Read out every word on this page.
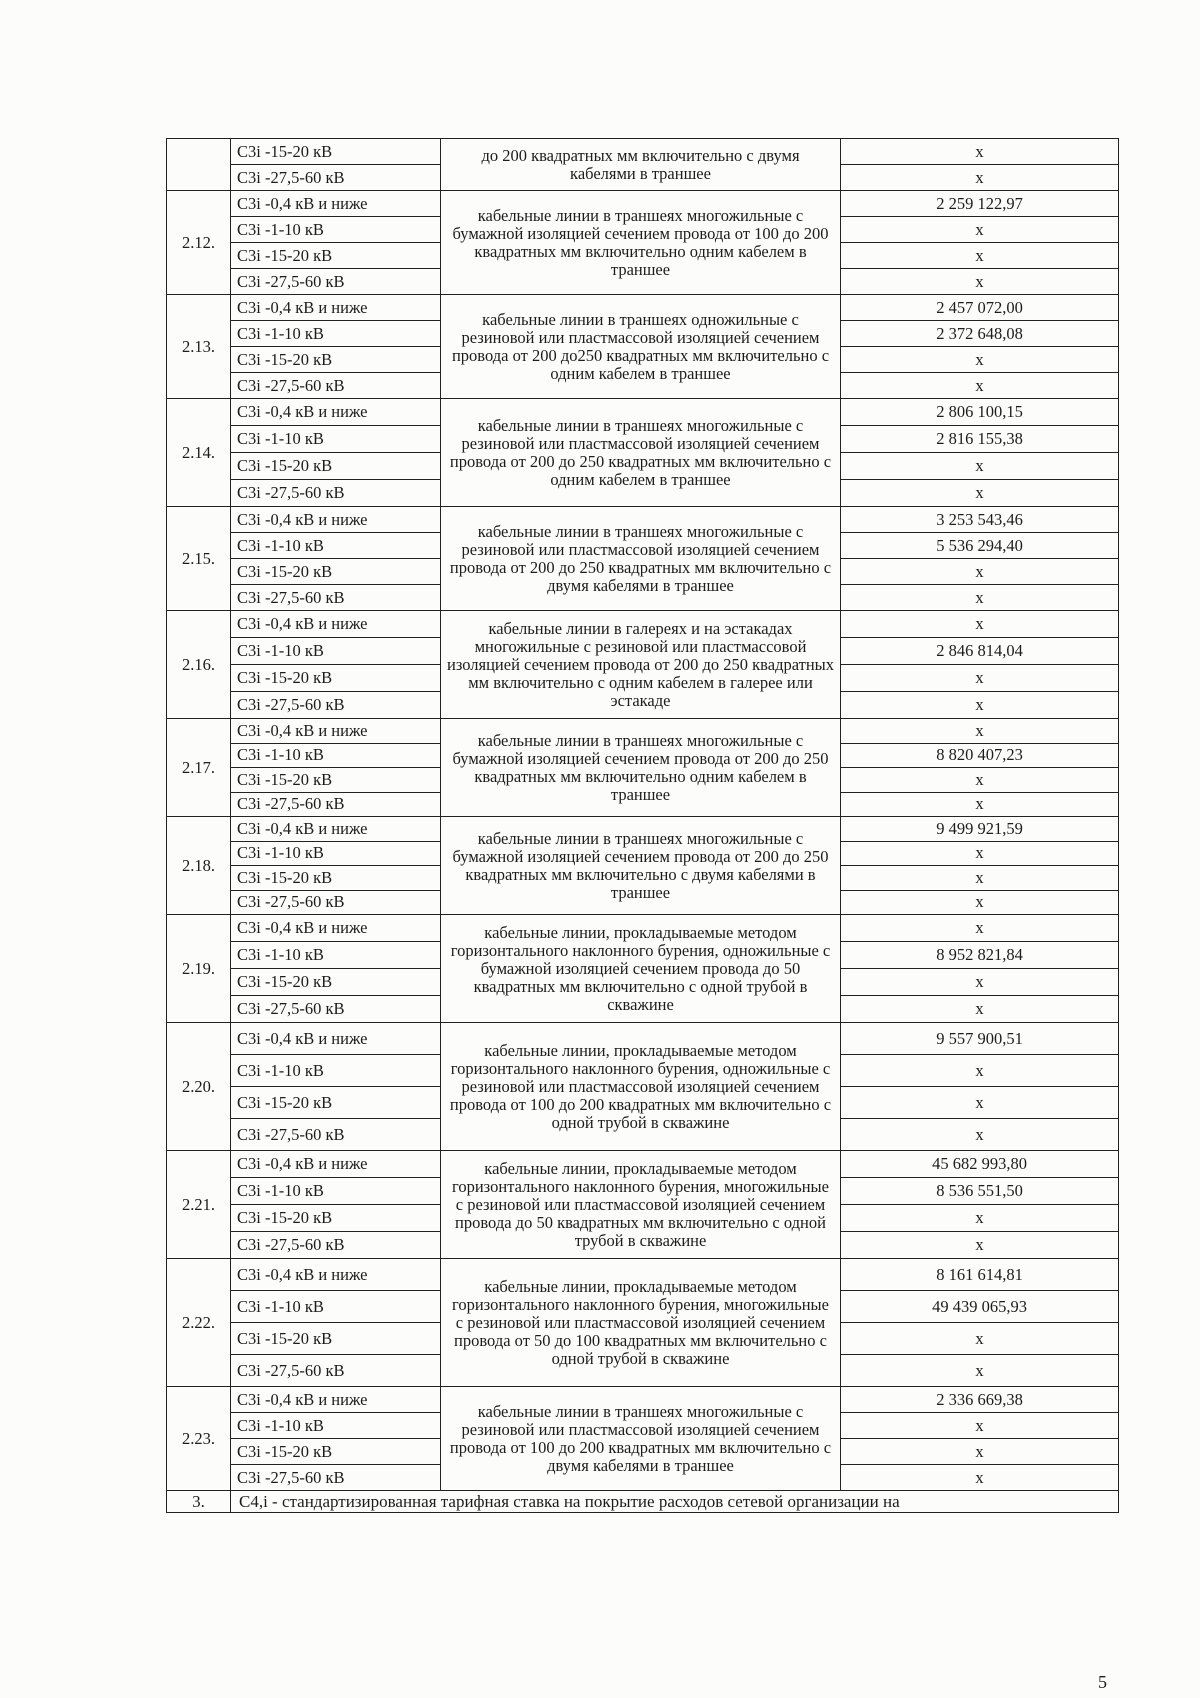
	С3i -15-20 кВ	до 200 квадратных мм включительно с двумя кабелями в траншее	х
	С3i -27,5-60 кВ		х
2.12.	С3i -0,4 кВ и ниже	кабельные линии в траншеях многожильные с бумажной изоляцией сечением провода от 100 до 200 квадратных мм включительно одним кабелем в траншее	2 259 122,97
	С3i -1-10 кВ		х
	С3i -15-20 кВ		х
	С3i -27,5-60 кВ		х
2.13.	С3i -0,4 кВ и ниже	кабельные линии в траншеях одножильные с резиновой или пластмассовой изоляцией сечением провода от 200 до250 квадратных мм включительно с одним кабелем в траншее	2 457 072,00
	С3i -1-10 кВ		2 372 648,08
	С3i -15-20 кВ		х
	С3i -27,5-60 кВ		х
2.14.	С3i -0,4 кВ и ниже	кабельные линии в траншеях многожильные с резиновой или пластмассовой изоляцией сечением провода от 200 до 250 квадратных мм включительно с одним кабелем в траншее	2 806 100,15
	С3i -1-10 кВ		2 816 155,38
	С3i -15-20 кВ		х
	С3i -27,5-60 кВ		х
2.15.	С3i -0,4 кВ и ниже	кабельные линии в траншеях многожильные с резиновой или пластмассовой изоляцией сечением провода от 200 до 250 квадратных мм включительно с двумя кабелями в траншее	3 253 543,46
	С3i -1-10 кВ		5 536 294,40
	С3i -15-20 кВ		х
	С3i -27,5-60 кВ		х
2.16.	С3i -0,4 кВ и ниже	кабельные линии в галереях и на эстакадах многожильные с резиновой или пластмассовой изоляцией сечением провода от 200 до 250 квадратных мм включительно с одним кабелем в галерее или эстакаде	х
	С3i -1-10 кВ		2 846 814,04
	С3i -15-20 кВ		х
	С3i -27,5-60 кВ		х
2.17.	С3i -0,4 кВ и ниже	кабельные линии в траншеях многожильные с бумажной изоляцией сечением провода от 200 до 250 квадратных мм включительно одним кабелем в траншее	х
	С3i -1-10 кВ		8 820 407,23
	С3i -15-20 кВ		х
	С3i -27,5-60 кВ		х
2.18.	С3i -0,4 кВ и ниже	кабельные линии в траншеях многожильные с бумажной изоляцией сечением провода от 200 до 250 квадратных мм включительно с двумя кабелями в траншее	9 499 921,59
	С3i -1-10 кВ		х
	С3i -15-20 кВ		х
	С3i -27,5-60 кВ		х
2.19.	С3i -0,4 кВ и ниже	кабельные линии, прокладываемые методом горизонтального наклонного бурения, одножильные с бумажной изоляцией сечением провода до 50 квадратных мм включительно с одной трубой в скважине	х
	С3i -1-10 кВ		8 952 821,84
	С3i -15-20 кВ		х
	С3i -27,5-60 кВ		х
2.20.	С3i -0,4 кВ и ниже	кабельные линии, прокладываемые методом горизонтального наклонного бурения, одножильные с резиновой или пластмассовой изоляцией сечением провода от 100 до 200 квадратных мм включительно с одной трубой в скважине	9 557 900,51
	С3i -1-10 кВ		х
	С3i -15-20 кВ		х
	С3i -27,5-60 кВ		х
2.21.	С3i -0,4 кВ и ниже	кабельные линии, прокладываемые методом горизонтального наклонного бурения, многожильные с резиновой или пластмассовой изоляцией сечением провода до 50 квадратных мм включительно с одной трубой в скважине	45 682 993,80
	С3i -1-10 кВ		8 536 551,50
	С3i -15-20 кВ		х
	С3i -27,5-60 кВ		х
2.22.	С3i -0,4 кВ и ниже	кабельные линии, прокладываемые методом горизонтального наклонного бурения, многожильные с резиновой или пластмассовой изоляцией сечением провода от 50 до 100 квадратных мм включительно с одной трубой в скважине	8 161 614,81
	С3i -1-10 кВ		49 439 065,93
	С3i -15-20 кВ		х
	С3i -27,5-60 кВ		х
2.23.	С3i -0,4 кВ и ниже	кабельные линии в траншеях многожильные с резиновой или пластмассовой изоляцией сечением провода от 100 до 200 квадратных мм включительно с двумя кабелями в траншее	2 336 669,38
	С3i -1-10 кВ		х
	С3i -15-20 кВ		х
	С3i -27,5-60 кВ		х
3.	С4,i - стандартизированная тарифная ставка на покрытие расходов сетевой организации на		
5
